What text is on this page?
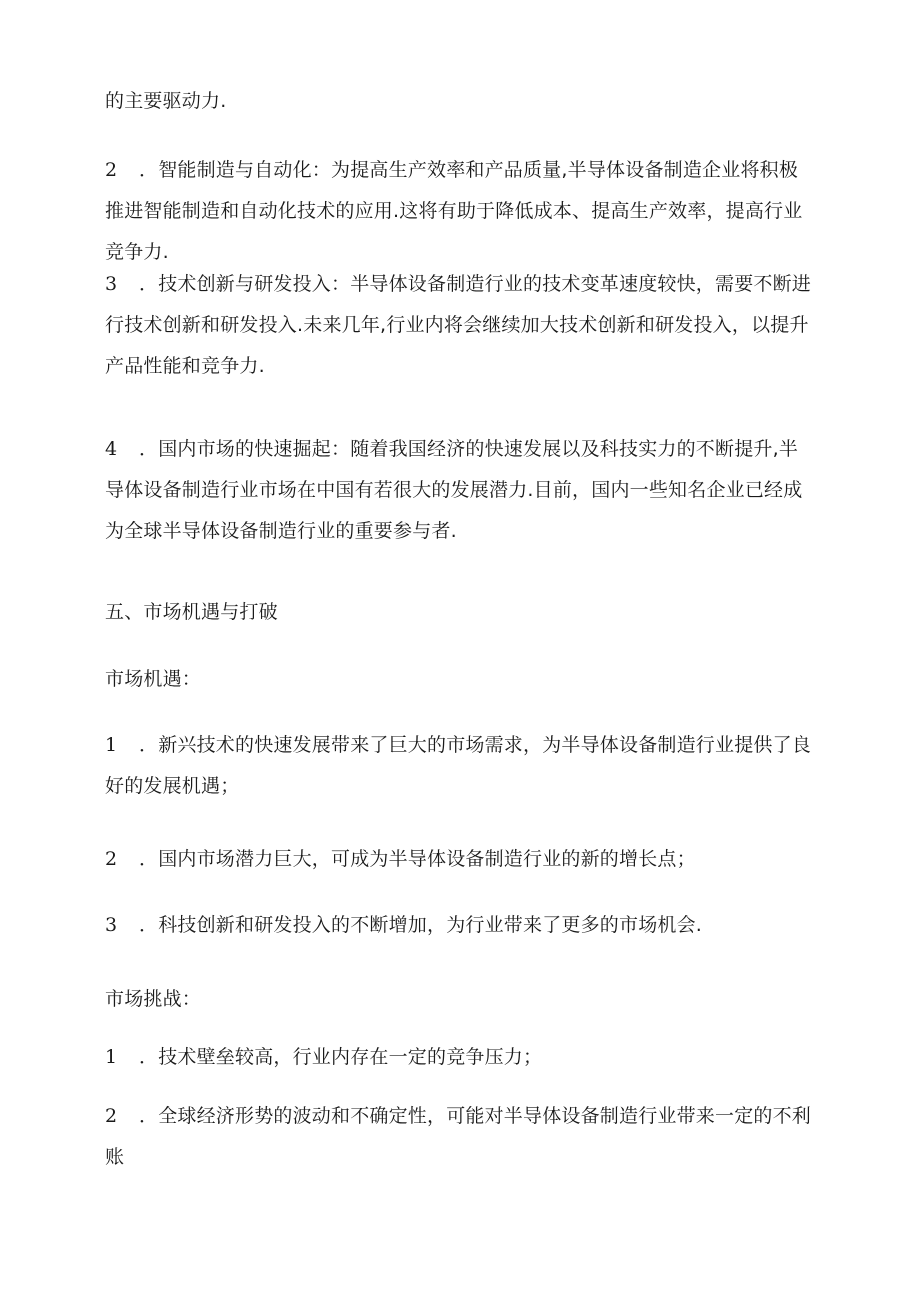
的主要驱动力.

2 ．智能制造与自动化：为提高生产效率和产品质量,半导体设备制造企业将积极推进智能制造和自动化技术的应用.这将有助于降低成本、提高生产效率，提高行业竞争力.

3 ．技术创新与研发投入：半导体设备制造行业的技术变革速度较快，需要不断进行技术创新和研发投入.未来几年,行业内将会继续加大技术创新和研发投入，以提升产品性能和竞争力.

4 ．国内市场的快速掘起：随着我国经济的快速发展以及科技实力的不断提升,半导体设备制造行业市场在中国有若很大的发展潜力.目前，国内一些知名企业已经成为全球半导体设备制造行业的重要参与者.

五、市场机遇与打破

市场机遇：

1 ．新兴技术的快速发展带来了巨大的市场需求，为半导体设备制造行业提供了良好的发展机遇；

2 ．国内市场潜力巨大，可成为半导体设备制造行业的新的增长点；

3 ．科技创新和研发投入的不断增加，为行业带来了更多的市场机会.

市场挑战：

1 ．技术壁垒较高，行业内存在一定的竞争压力；

2 ．全球经济形势的波动和不确定性，可能对半导体设备制造行业带来一定的不利账
